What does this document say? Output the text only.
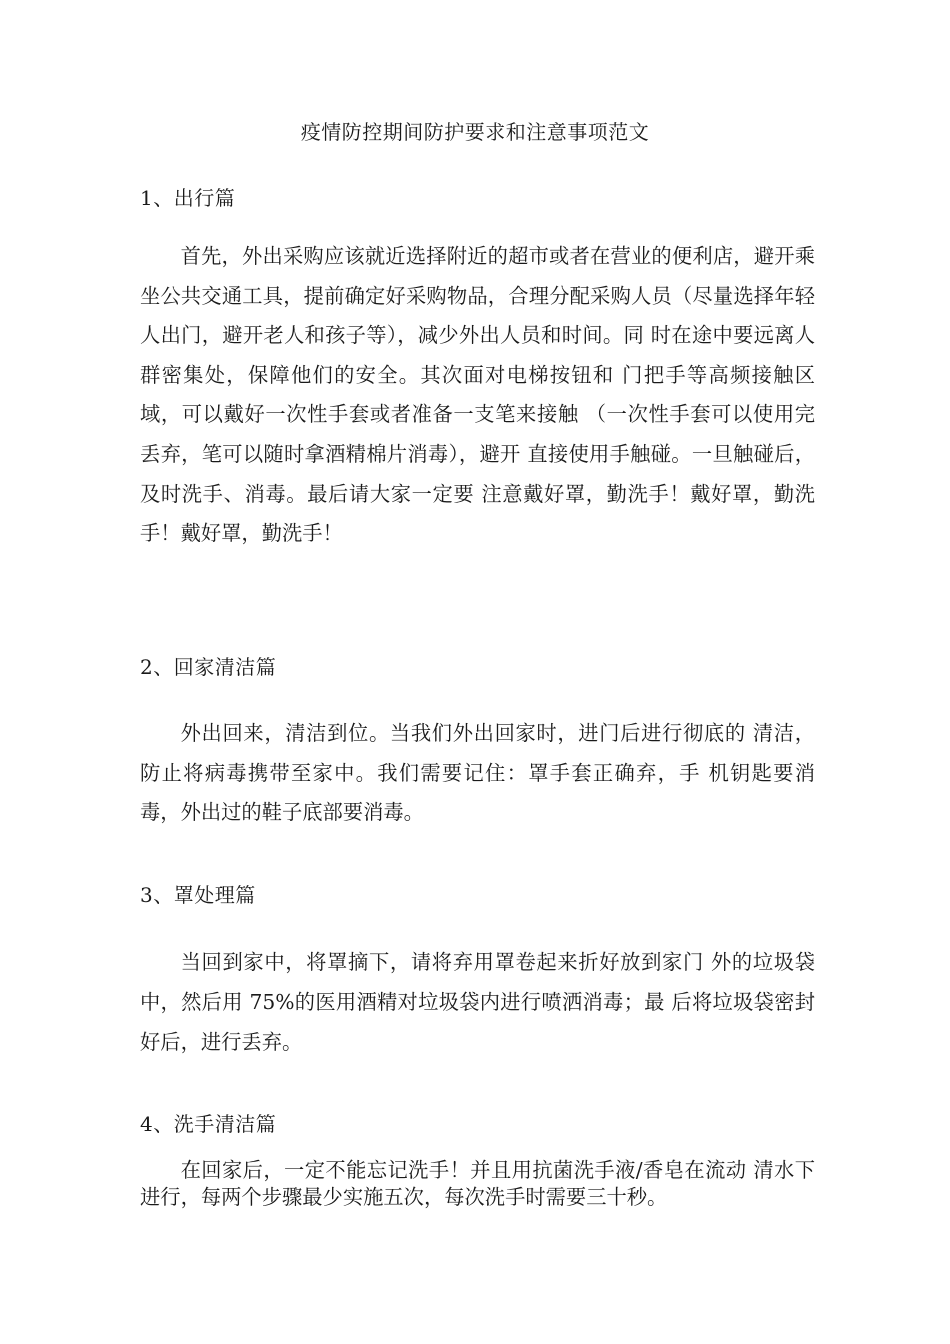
疫情防控期间防护要求和注意事项范文
1、出行篇

首先，外出采购应该就近选择附近的超市或者在营业的便利店，避开乘坐公共交通工具，提前确定好采购物品，合理分配采购人员（尽量选择年轻人出门，避开老人和孩子等），减少外出人员和时间。同 时在途中要远离人群密集处，保障他们的安全。其次面对电梯按钮和 门把手等高频接触区域，可以戴好一次性手套或者准备一支笔来接触 （一次性手套可以使用完丢弃，笔可以随时拿酒精棉片消毒），避开 直接使用手触碰。一旦触碰后，及时洗手、消毒。最后请大家一定要 注意戴好罩，勤洗手！戴好罩，勤洗手！戴好罩，勤洗手！

2、回家清洁篇

外出回来，清洁到位。当我们外出回家时，进门后进行彻底的 清洁，防止将病毒携带至家中。我们需要记住：罩手套正确弃，手 机钥匙要消毒，外出过的鞋子底部要消毒。

3、罩处理篇

当回到家中，将罩摘下，请将弃用罩卷起来折好放到家门 外的垃圾袋中，然后用 75%的医用酒精对垃圾袋内进行喷洒消毒；最 后将垃圾袋密封好后，进行丢弃。

4、洗手清洁篇

在回家后，一定不能忘记洗手！并且用抗菌洗手液/香皂在流动 清水下进行，每两个步骤最少实施五次，每次洗手时需要三十秒。
